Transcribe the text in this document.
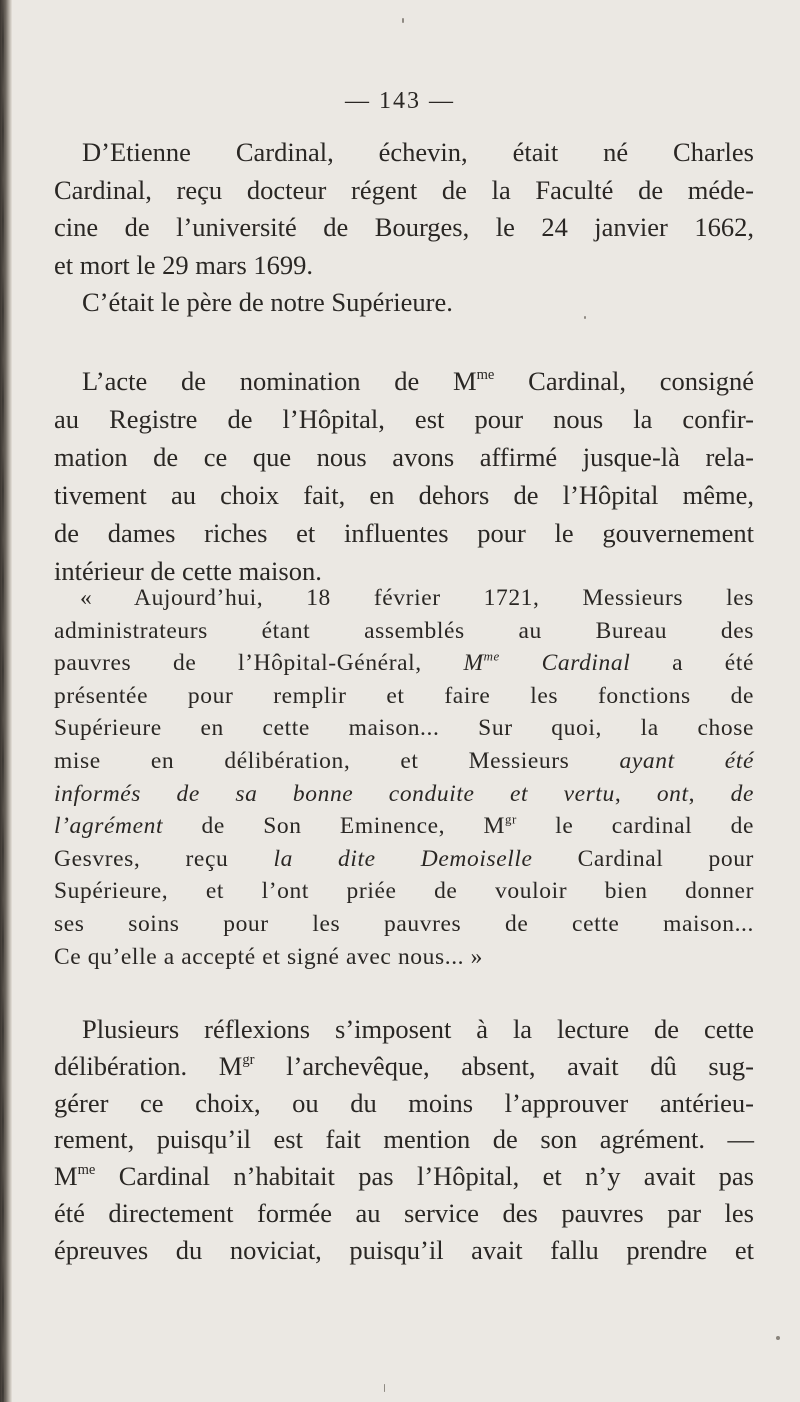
— 143 —
D’Etienne Cardinal, échevin, était né Charles
Cardinal, reçu docteur régent de la Faculté de méde-
cine de l’université de Bourges, le 24 janvier 1662,
et mort le 29 mars 1699.
C’était le père de notre Supérieure.
L’acte de nomination de $M^{me}$ Cardinal, consigné
au Registre de l’Hôpital, est pour nous la confir-
mation de ce que nous avons affirmé jusque-là rela-
tivement au choix fait, en dehors de l’Hôpital même,
de dames riches et influentes pour le gouvernement
intérieur de cette maison.
« Aujourd’hui, 18 février 1721, Messieurs les
administrateurs étant assemblés au Bureau des
pauvres de l’Hôpital-Général, $M^{me}$ Cardinal a été
présentée pour remplir et faire les fonctions de
Supérieure en cette maison... Sur quoi, la chose
mise en délibération, et Messieurs ayant été
informés de sa bonne conduite et vertu, ont, de
l’agrément de Son Eminence, $M^{gr}$ le cardinal de
Gesvres, reçu la dite Demoiselle Cardinal pour
Supérieure, et l’ont priée de vouloir bien donner
ses soins pour les pauvres de cette maison...
Ce qu’elle a accepté et signé avec nous... »
Plusieurs réflexions s’imposent à la lecture de cette
délibération. $M^{gr}$ l’archevêque, absent, avait dû sug-
gérer ce choix, ou du moins l’approuver antérieu-
rement, puisqu’il est fait mention de son agrément. —
$M^{me}$ Cardinal n’habitait pas l’Hôpital, et n’y avait pas
été directement formée au service des pauvres par les
épreuves du noviciat, puisqu’il avait fallu prendre et
